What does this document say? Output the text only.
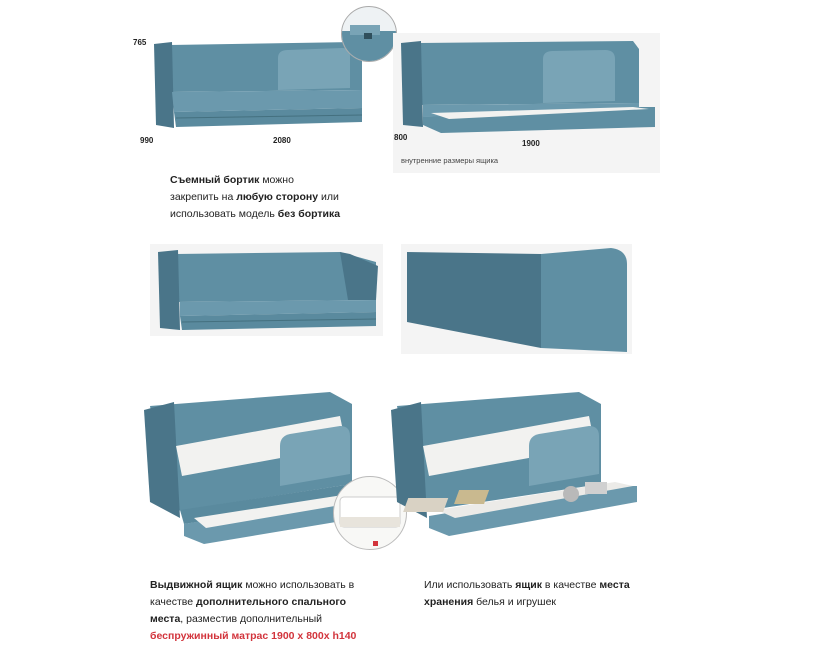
765
990	2080	800
1900
внутренние размеры ящика
Съемный бортик можно
закрепить на любую сторону или
использовать модель без бортика
Выдвижной ящик можно использовать в
качестве дополнительного спального
места, разместив дополнительный
беспружинный матрас 1900 х 800х h140
Или использовать ящик в качестве места
хранения белья и игрушек
